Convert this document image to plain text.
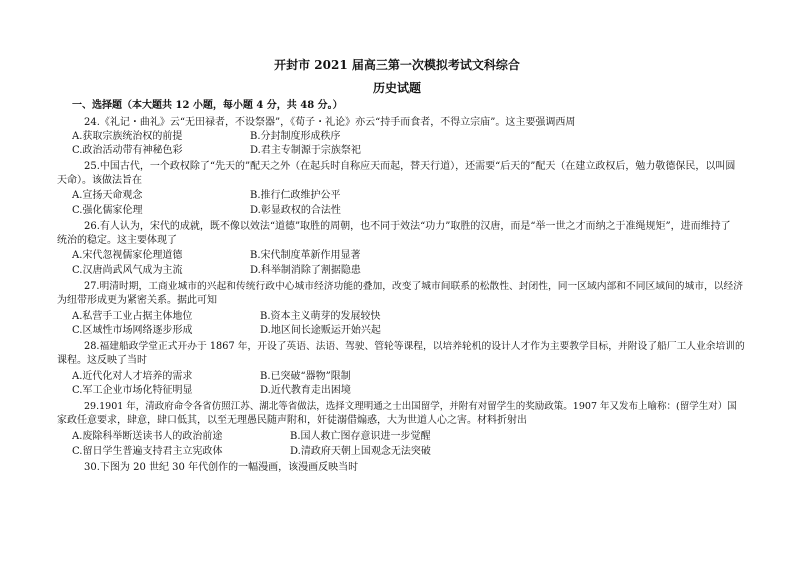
开封市 2021 届高三第一次模拟考试文科综合
历史试题
一、选择题（本大题共 12 小题，每小题 4 分，共 48 分。）
24.《礼记・曲礼》云“无田禄者，不设祭器”，《荀子・礼论》亦云“持手而食者，不得立宗庙”。这主要强调西周
A.获取宗族统治权的前提	B.分封制度形成秩序
C.政治活动带有神秘色彩	D.君主专制源于宗族祭祀
25.中国古代，一个政权除了“先天的”配天之外（在起兵时自称应天而起，替天行道），还需要“后天的”配天（在建立政权后，勉力敬德保民，以叫圆
天命）。该做法旨在
A.宣扬天命观念	B.推行仁政维护公平
C.强化儒家伦理	D.彰显政权的合法性
26.有人认为，宋代的成就，既不像以效法“道德”取胜的周朝，也不同于效法“功力”取胜的汉唐，而是“举一世之才而纳之于准绳规矩”，进而维持了
统治的稳定。这主要体现了
A.宋代忽视儒家伦理道德	B.宋代制度革新作用显著
C.汉唐尚武风气成为主流	D.科举制消除了割据隐患
27.明清时期，工商业城市的兴起和传统行政中心城市经济功能的叠加，改变了城市间联系的松散性、封闭性，同一区域内部和不同区域间的城市，以经济
为纽带形成更为紧密关系。据此可知
A.私营手工业占据主体地位	B.资本主义萌芽的发展较快
C.区域性市场网络逐步形成	D.地区间长途贩运开始兴起
28.福建船政学堂正式开办于 1867 年，开设了英语、法语、驾驶、管轮等课程，以培养轮机的设计人才作为主要教学目标，并附设了船厂工人业余培训的
课程。这反映了当时
A.近代化对人才培养的需求	B.已突破“器物”限制
C.军工企业市场化特征明显	D.近代教育走出困境
29.1901 年，清政府命令各省仿照江苏、湖北等省做法，选择文理明通之士出国留学，并附有对留学生的奖励政策。1907 年又发布上喻称：(留学生对）国
家政任意要求，肆意，肆口低其，以至无理愚民随声附和，奸徒溺借煽惑，大为世道人心之害。材料折射出
A.废除科举断送读书人的政治前途	B.国人救亡图存意识进一步觉醒
C.留日学生普遍支持君主立宪政体	D.清政府天朝上国观念无法突破
30.下图为 20 世纪 30 年代创作的一幅漫画，该漫画反映当时
